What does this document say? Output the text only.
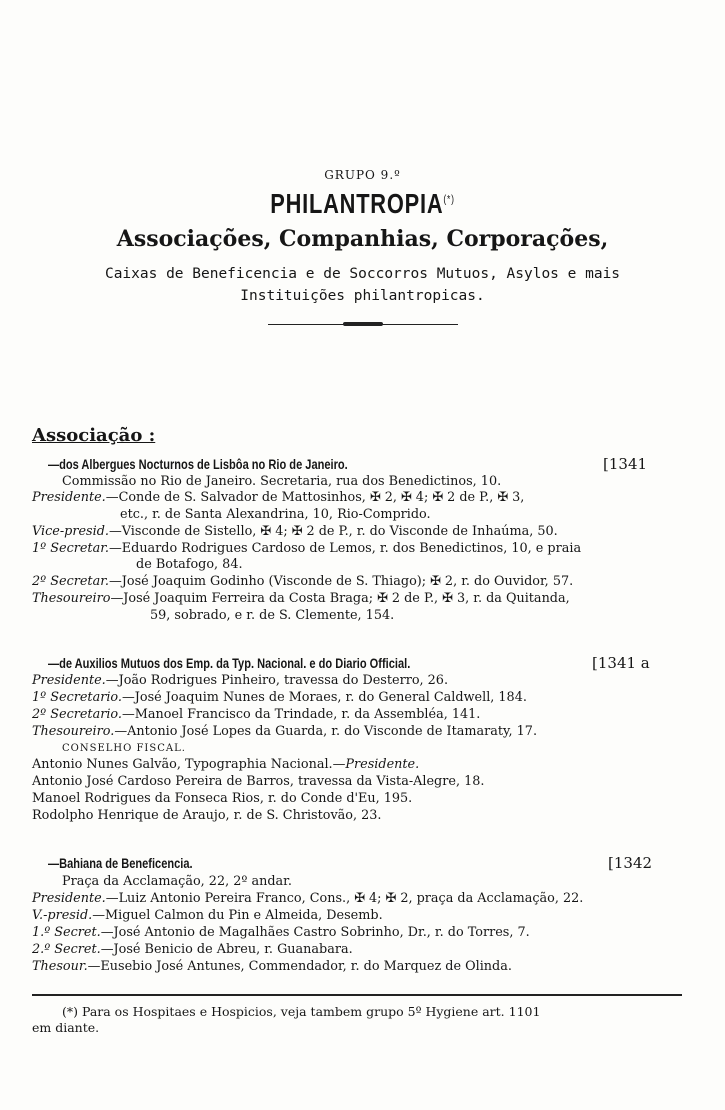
GRUPO 9.º
PHILANTROPIA(*)
Associações, Companhias, Corporações,
Caixas de Beneficencia e de Soccorros Mutuos, Asylos e mais
Instituições philantropicas.
Associação :
—dos Albergues Nocturnos de Lisbôa no Rio de Janeiro.	[1341
Commissão no Rio de Janeiro. Secretaria, rua dos Benedictinos, 10.
Presidente.—Conde de S. Salvador de Mattosinhos, ✠ 2, ✠ 4; ✠ 2 de P., ✠ 3,
etc., r. de Santa Alexandrina, 10, Rio-Comprido.
Vice-presid.—Visconde de Sistello, ✠ 4; ✠ 2 de P., r. do Visconde de Inhaúma, 50.
1º Secretar.—Eduardo Rodrigues Cardoso de Lemos, r. dos Benedictinos, 10, e praia
de Botafogo, 84.
2º Secretar.—José Joaquim Godinho (Visconde de S. Thiago); ✠ 2, r. do Ouvidor, 57.
Thesoureiro—José Joaquim Ferreira da Costa Braga; ✠ 2 de P., ✠ 3, r. da Quitanda,
59, sobrado, e r. de S. Clemente, 154.
—de Auxilios Mutuos dos Emp. da Typ. Nacional. e do Diario Official.	[1341 a
Presidente.—João Rodrigues Pinheiro, travessa do Desterro, 26.
1º Secretario.—José Joaquim Nunes de Moraes, r. do General Caldwell, 184.
2º Secretario.—Manoel Francisco da Trindade, r. da Assembléa, 141.
Thesoureiro.—Antonio José Lopes da Guarda, r. do Visconde de Itamaraty, 17.
CONSELHO FISCAL.
Antonio Nunes Galvão, Typographia Nacional.—Presidente.
Antonio José Cardoso Pereira de Barros, travessa da Vista-Alegre, 18.
Manoel Rodrigues da Fonseca Rios, r. do Conde d'Eu, 195.
Rodolpho Henrique de Araujo, r. de S. Christovão, 23.
—Bahiana de Beneficencia.	[1342
Praça da Acclamação, 22, 2º andar.
Presidente.—Luiz Antonio Pereira Franco, Cons., ✠ 4; ✠ 2, praça da Acclamação, 22.
V.-presid.—Miguel Calmon du Pin e Almeida, Desemb.
1.º Secret.—José Antonio de Magalhães Castro Sobrinho, Dr., r. do Torres, 7.
2.º Secret.—José Benicio de Abreu, r. Guanabara.
Thesour.—Eusebio José Antunes, Commendador, r. do Marquez de Olinda.
(*) Para os Hospitaes e Hospicios, veja tambem grupo 5º Hygiene art. 1101
em diante.
